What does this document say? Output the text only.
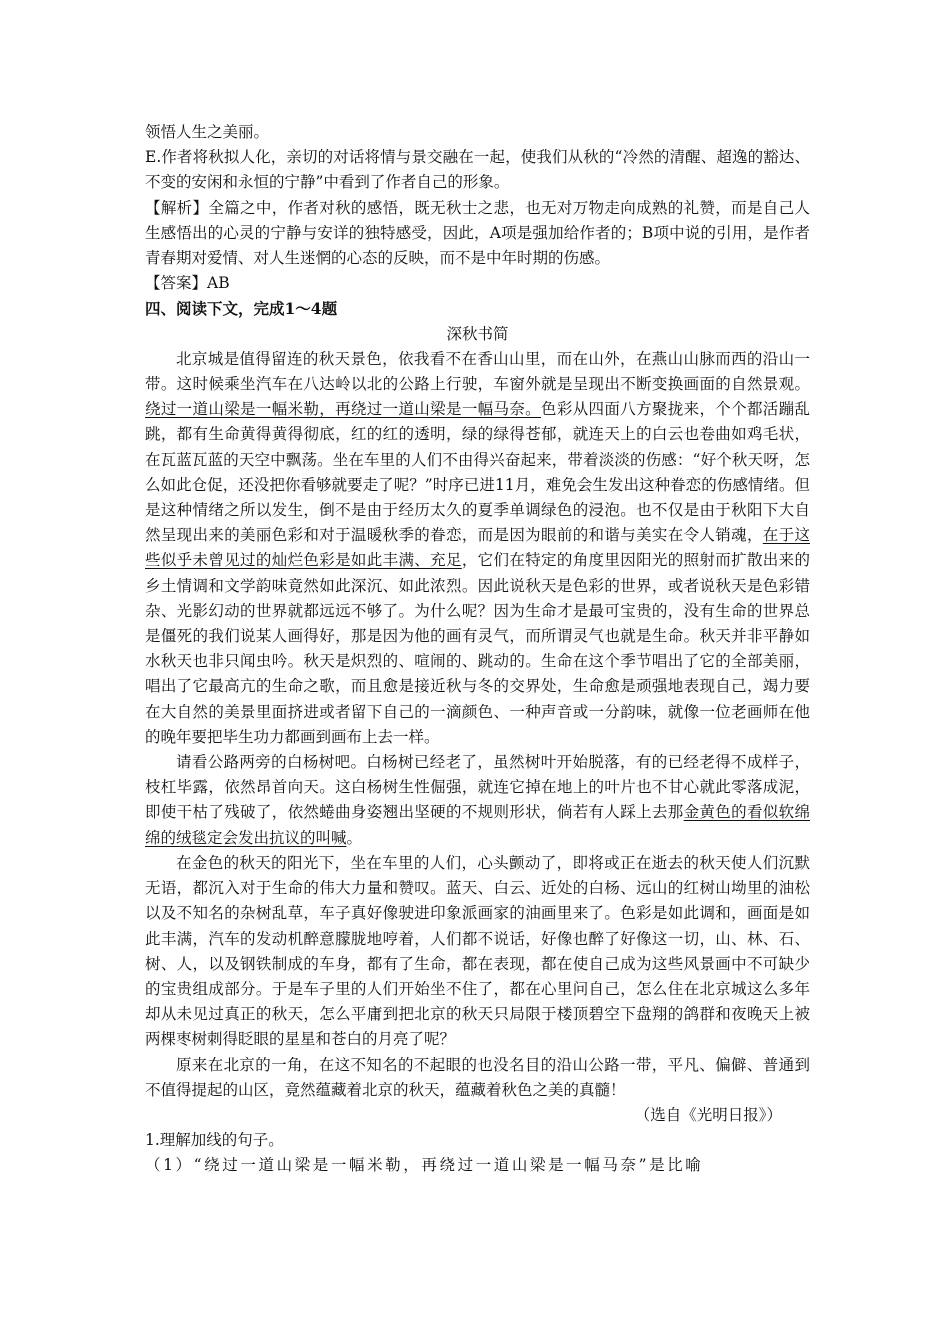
领悟人生之美丽。

E.作者将秋拟人化，亲切的对话将情与景交融在一起，使我们从秋的“冷然的清醒、超逸的豁达、不变的安闲和永恒的宁静”中看到了作者自己的形象。

【解析】全篇之中，作者对秋的感悟，既无秋士之悲，也无对万物走向成熟的礼赞，而是自己人生感悟出的心灵的宁静与安详的独特感受，因此，A项是强加给作者的；B项中说的引用，是作者青春期对爱情、对人生迷惘的心态的反映，而不是中年时期的伤感。

【答案】AB

四、阅读下文，完成1～4题

深秋书简

北京城是值得留连的秋天景色，依我看不在香山山里，而在山外，在燕山山脉而西的沿山一带。这时候乘坐汽车在八达岭以北的公路上行驶，车窗外就是呈现出不断变换画面的自然景观。绕过一道山梁是一幅米勒，再绕过一道山梁是一幅马奈。色彩从四面八方聚拢来，个个都活蹦乱跳，都有生命黄得黄得彻底，红的红的透明，绿的绿得苍郁，就连天上的白云也卷曲如鸡毛状，在瓦蓝瓦蓝的天空中飘荡。坐在车里的人们不由得兴奋起来，带着淡淡的伤感：“好个秋天呀，怎么如此仓促，还没把你看够就要走了呢？”时序已进11月，难免会生发出这种眷恋的伤感情绪。但是这种情绪之所以发生，倒不是由于经历太久的夏季单调绿色的浸泡。也不仅是由于秋阳下大自然呈现出来的美丽色彩和对于温暖秋季的眷恋，而是因为眼前的和谐与美实在令人销魂，在于这些似乎未曾见过的灿烂色彩是如此丰满、充足，它们在特定的角度里因阳光的照射而扩散出来的乡土情调和文学韵味竟然如此深沉、如此浓烈。因此说秋天是色彩的世界，或者说秋天是色彩错杂、光影幻动的世界就都远远不够了。为什么呢？因为生命才是最可宝贵的，没有生命的世界总是僵死的我们说某人画得好，那是因为他的画有灵气，而所谓灵气也就是生命。秋天并非平静如水秋天也非只闻虫吟。秋天是炽烈的、喧闹的、跳动的。生命在这个季节唱出了它的全部美丽，唱出了它最高亢的生命之歌，而且愈是接近秋与冬的交界处，生命愈是顽强地表现自己，竭力要在大自然的美景里面挤进或者留下自己的一滴颜色、一种声音或一分韵味，就像一位老画师在他的晚年要把毕生功力都画到画布上去一样。

请看公路两旁的白杨树吧。白杨树已经老了，虽然树叶开始脱落，有的已经老得不成样子，枝杠毕露，依然昂首向天。这白杨树生性倔强，就连它掉在地上的叶片也不甘心就此零落成泥，即使干枯了残破了，依然蜷曲身姿翘出坚硬的不规则形状，倘若有人踩上去那金黄色的看似软绵绵的绒毯定会发出抗议的叫喊。

在金色的秋天的阳光下，坐在车里的人们，心头颤动了，即将或正在逝去的秋天使人们沉默无语，都沉入对于生命的伟大力量和赞叹。蓝天、白云、近处的白杨、远山的红树山坳里的油松以及不知名的杂树乱草，车子真好像驶进印象派画家的油画里来了。色彩是如此调和，画面是如此丰满，汽车的发动机醉意朦胧地哼着，人们都不说话，好像也醉了好像这一切，山、林、石、树、人，以及钢铁制成的车身，都有了生命，都在表现，都在使自己成为这些风景画中不可缺少的宝贵组成部分。于是车子里的人们开始坐不住了，都在心里问自己，怎么住在北京城这么多年却从未见过真正的秋天，怎么平庸到把北京的秋天只局限于楼顶碧空下盘翔的鸽群和夜晚天上被两棵枣树刺得眨眼的星星和苍白的月亮了呢？

原来在北京的一角，在这不知名的不起眼的也没名目的沿山公路一带，平凡、偏僻、普通到不值得提起的山区，竟然蕴藏着北京的秋天，蕴藏着秋色之美的真髓！

（选自《光明日报》）

1.理解加线的句子。

（1）“绕过一道山梁是一幅米勒，再绕过一道山梁是一幅马奈”是比喻
